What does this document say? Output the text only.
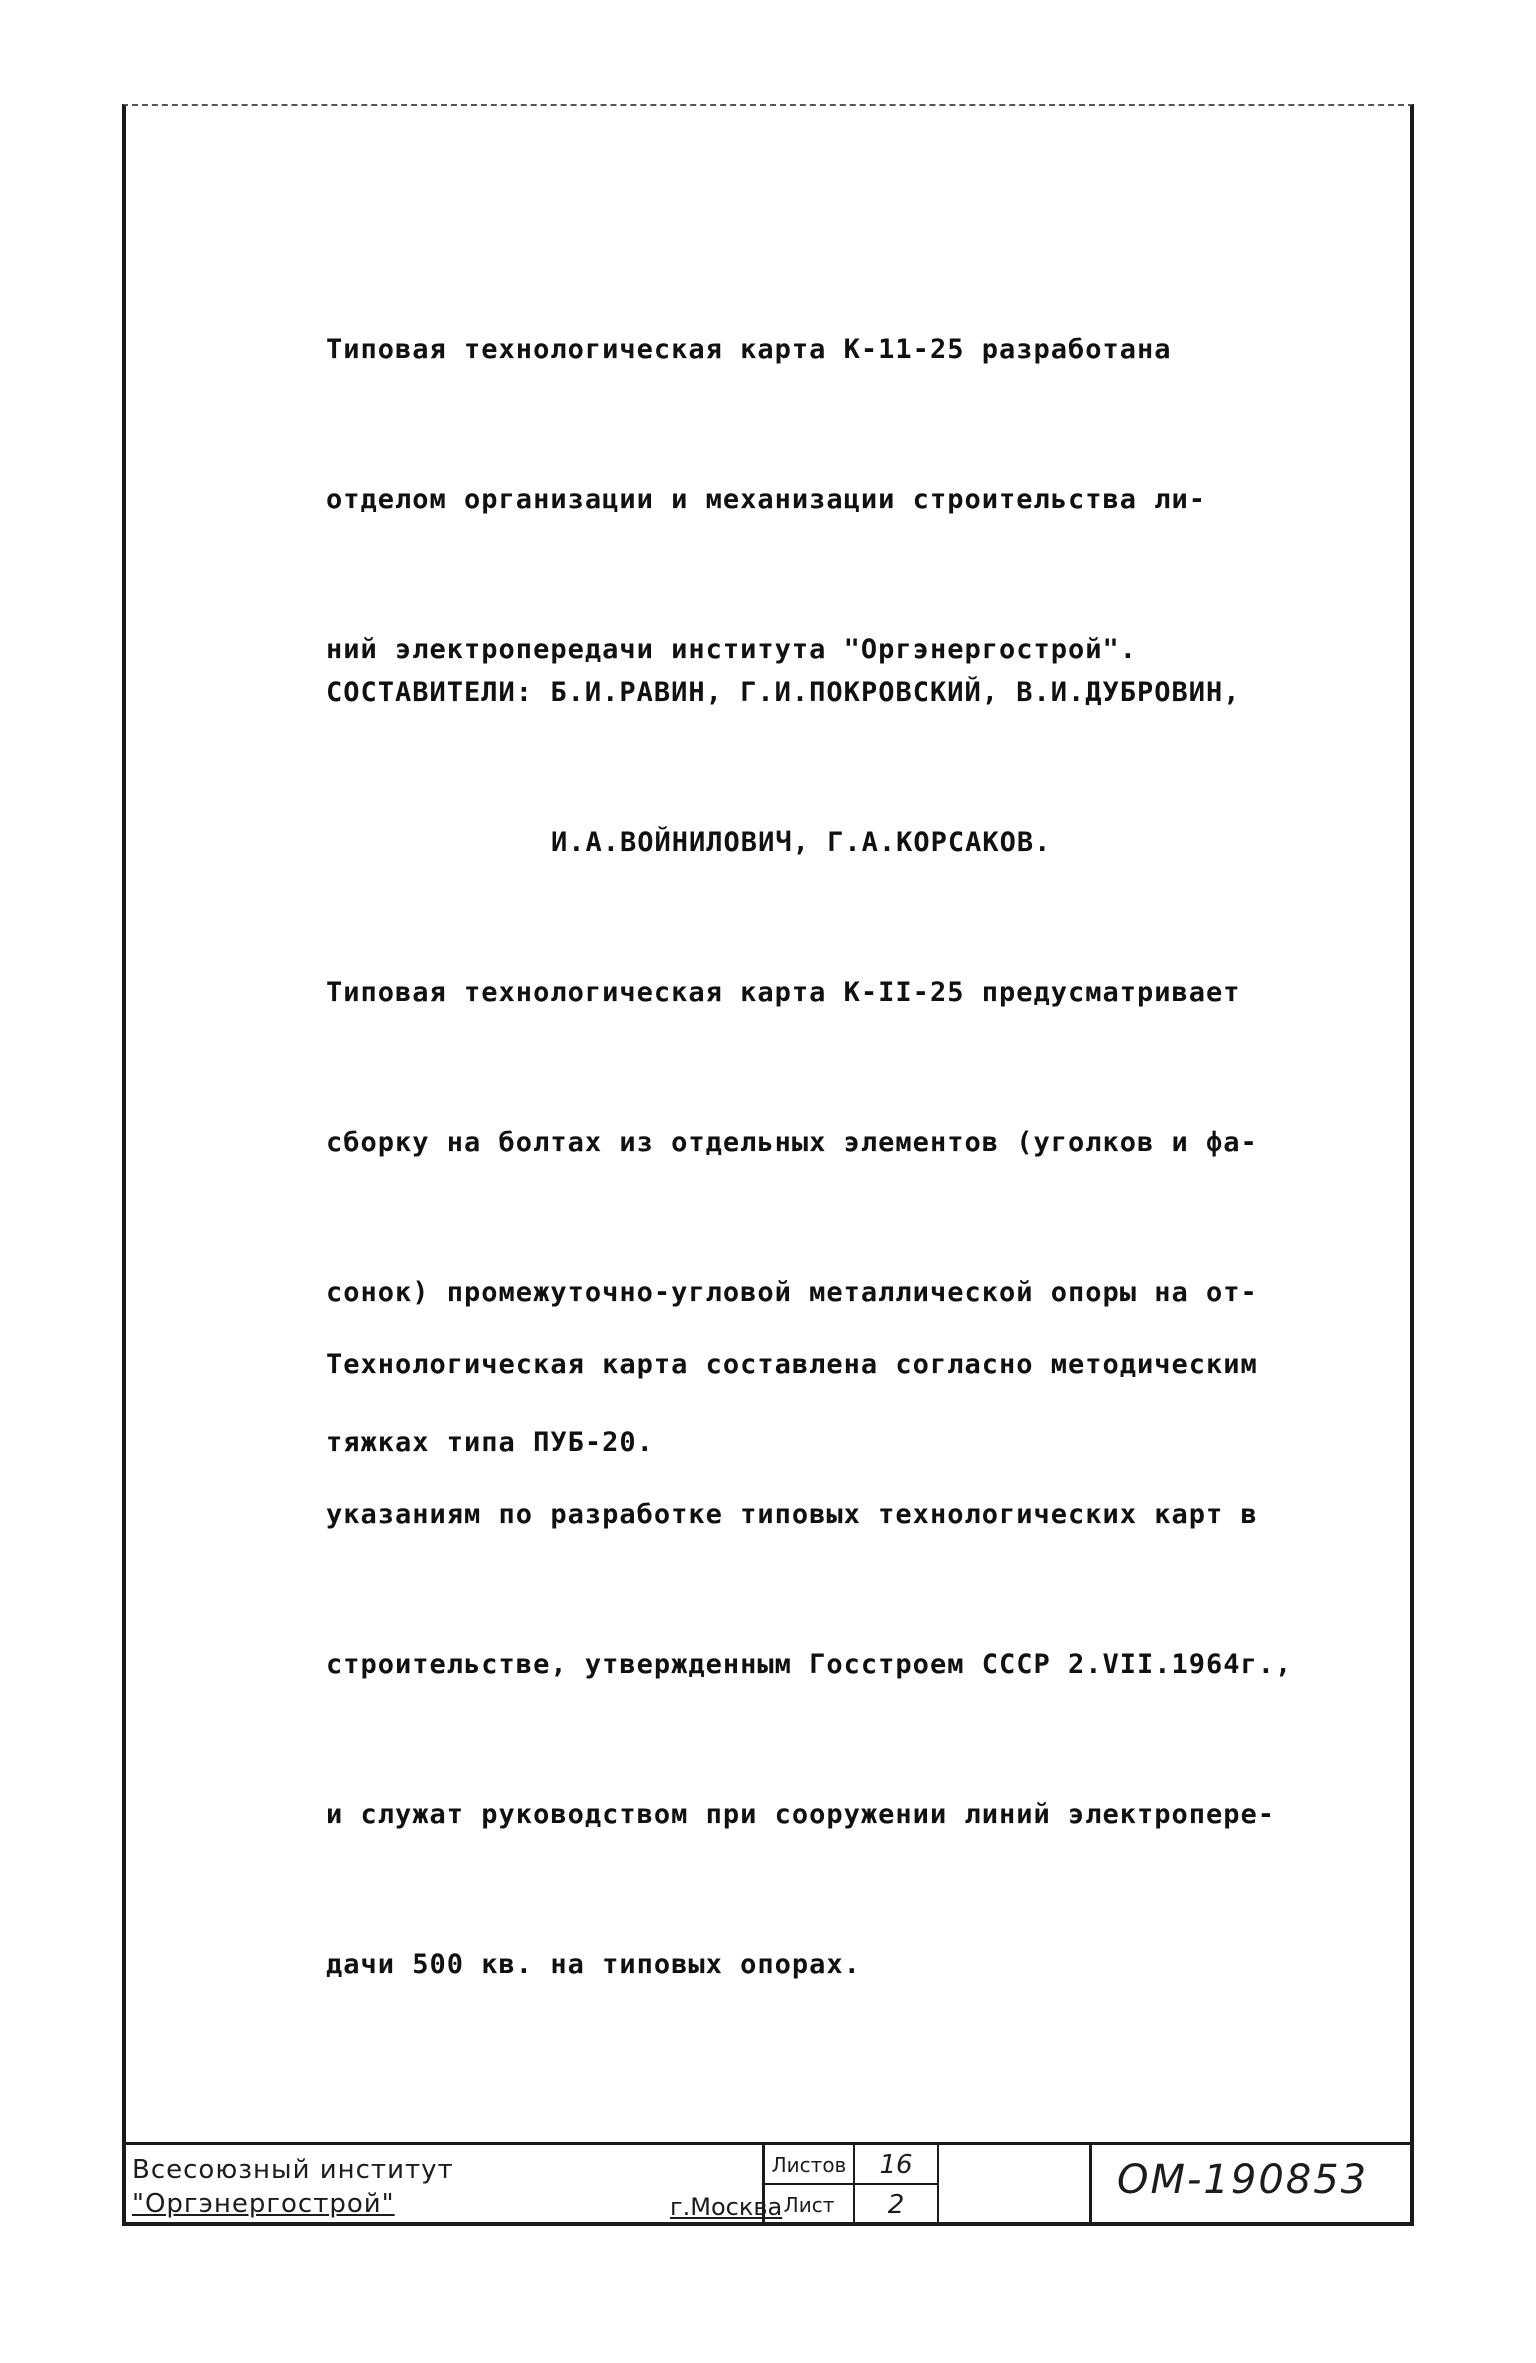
Типовая технологическая карта К-11-25 разработана

отделом организации и механизации строительства ли-

ний электропередачи института "Оргэнергострой".

СОСТАВИТЕЛИ: Б.И.РАВИН, Г.И.ПОКРОВСКИЙ, В.И.ДУБРОВИН,

И.А.ВОЙНИЛОВИЧ, Г.А.КОРСАКОВ.

Типовая технологическая карта К-II-25 предусматривает

сборку на болтах из отдельных элементов (уголков и фа-

сонок) промежуточно-угловой металлической опоры на от-

тяжках типа ПУБ-20.

Технологическая карта составлена согласно методическим

указаниям по разработке типовых технологических карт в

строительстве, утвержденным Госстроем СССР 2.VII.1964г.,

и служат руководством при сооружении линий электропере-

дачи 500 кв. на типовых опорах.

Всесоюзный институт
"Оргэнергострой"	г.Москва
Листов	16
Лист	2
ОМ-190853
